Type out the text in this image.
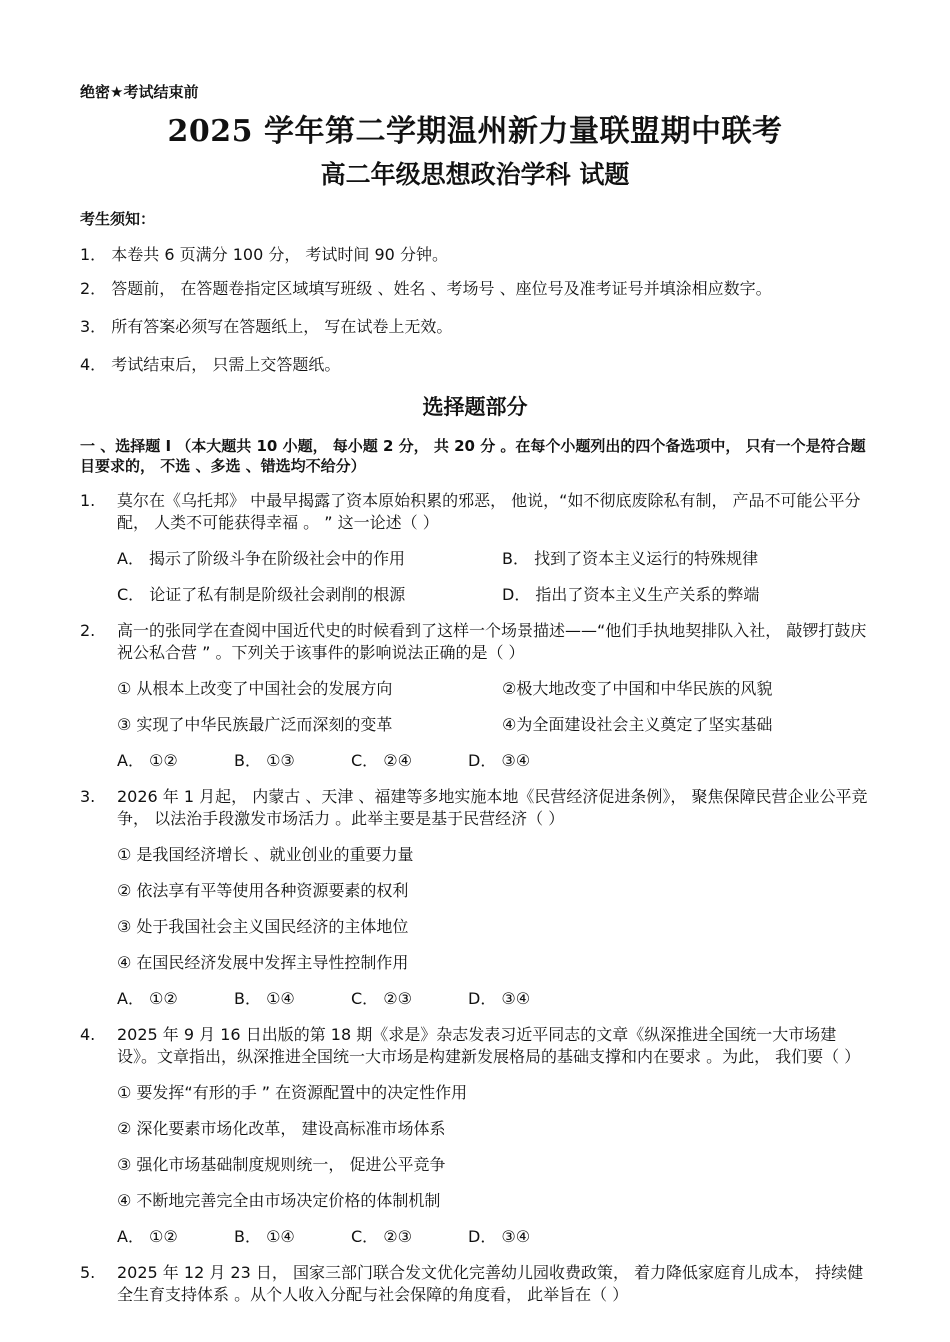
绝密★考试结束前
2025 学年第二学期温州新力量联盟期中联考
高二年级思想政治学科 试题
考生须知：
1． 本卷共 6 页满分 100 分， 考试时间 90 分钟。
2． 答题前， 在答题卷指定区域填写班级 、姓名 、考场号 、座位号及准考证号并填涂相应数字。
3． 所有答案必须写在答题纸上， 写在试卷上无效。
4． 考试结束后， 只需上交答题纸。
选择题部分
一 、选择题 I （本大题共 10 小题， 每小题 2 分， 共 20 分 。在每个小题列出的四个备选项中， 只有一个是符合题目要求的， 不选 、多选 、错选均不给分）
1.	莫尔在《乌托邦》 中最早揭露了资本原始积累的邪恶， 他说，“如不彻底废除私有制， 产品不可能公平分配， 人类不可能获得幸福 。 ” 这一论述（ ）
A． 揭示了阶级斗争在阶级社会中的作用	B． 找到了资本主义运行的特殊规律
C． 论证了私有制是阶级社会剥削的根源	D． 指出了资本主义生产关系的弊端
2.	高一的张同学在查阅中国近代史的时候看到了这样一个场景描述——“他们手执地契排队入社， 敲锣打鼓庆祝公私合营 ” 。下列关于该事件的影响说法正确的是（ ）
① 从根本上改变了中国社会的发展方向	②极大地改变了中国和中华民族的风貌
③ 实现了中华民族最广泛而深刻的变革	④为全面建设社会主义奠定了坚实基础
A． ①②	B． ①③	C． ②④	D． ③④
3.	2026 年 1 月起， 内蒙古 、天津 、福建等多地实施本地《民营经济促进条例》， 聚焦保障民营企业公平竞争， 以法治手段激发市场活力 。此举主要是基于民营经济（ ）
① 是我国经济增长 、就业创业的重要力量
② 依法享有平等使用各种资源要素的权利
③ 处于我国社会主义国民经济的主体地位
④ 在国民经济发展中发挥主导性控制作用
A． ①②	B． ①④	C． ②③	D． ③④
4.	2025 年 9 月 16 日出版的第 18 期《求是》杂志发表习近平同志的文章《纵深推进全国统一大市场建设》。文章指出，纵深推进全国统一大市场是构建新发展格局的基础支撑和内在要求 。为此， 我们要（ ）
① 要发挥“有形的手 ” 在资源配置中的决定性作用
② 深化要素市场化改革， 建设高标准市场体系
③ 强化市场基础制度规则统一， 促进公平竞争
④ 不断地完善完全由市场决定价格的体制机制
A． ①②	B． ①④	C． ②③	D． ③④
5.	2025 年 12 月 23 日， 国家三部门联合发文优化完善幼儿园收费政策， 着力降低家庭育儿成本， 持续健全生育支持体系 。从个人收入分配与社会保障的角度看， 此举旨在（ ）
